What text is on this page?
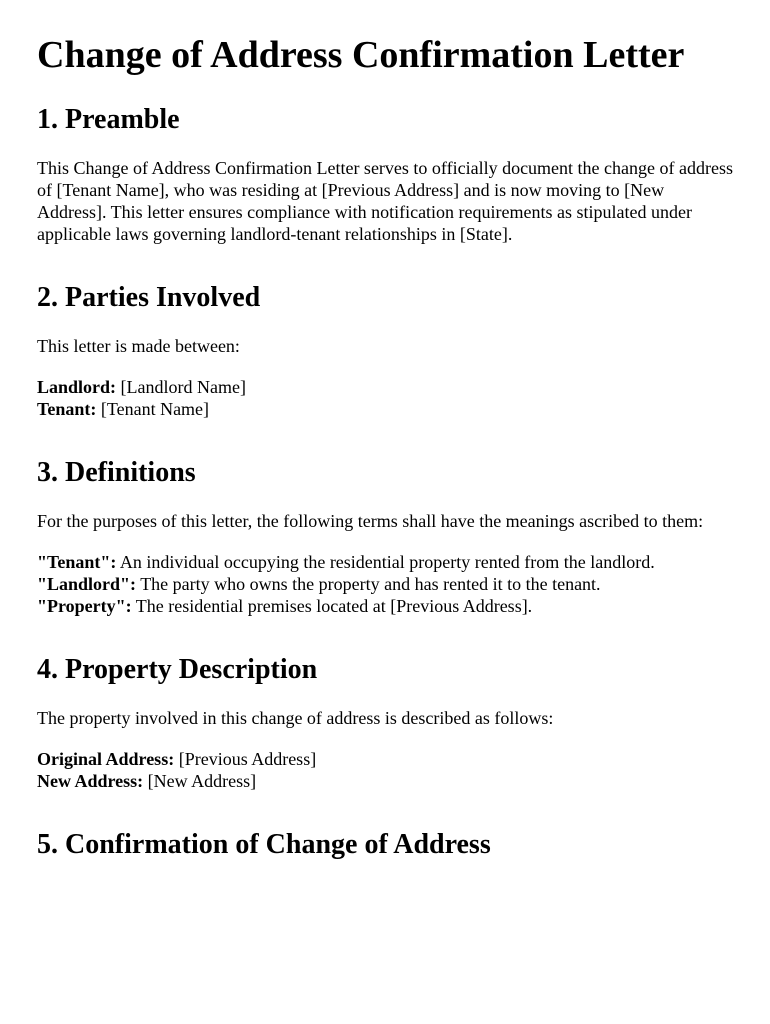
Change of Address Confirmation Letter
1. Preamble

This Change of Address Confirmation Letter serves to officially document the change of address of [Tenant Name], who was residing at [Previous Address] and is now moving to [New Address]. This letter ensures compliance with notification requirements as stipulated under applicable laws governing landlord-tenant relationships in [State].

2. Parties Involved

This letter is made between:

Landlord: [Landlord Name]
Tenant: [Tenant Name]
3. Definitions

For the purposes of this letter, the following terms shall have the meanings ascribed to them:

"Tenant": An individual occupying the residential property rented from the landlord.
"Landlord": The party who owns the property and has rented it to the tenant.
"Property": The residential premises located at [Previous Address].
4. Property Description

The property involved in this change of address is described as follows:

Original Address: [Previous Address]
New Address: [New Address]
5. Confirmation of Change of Address
